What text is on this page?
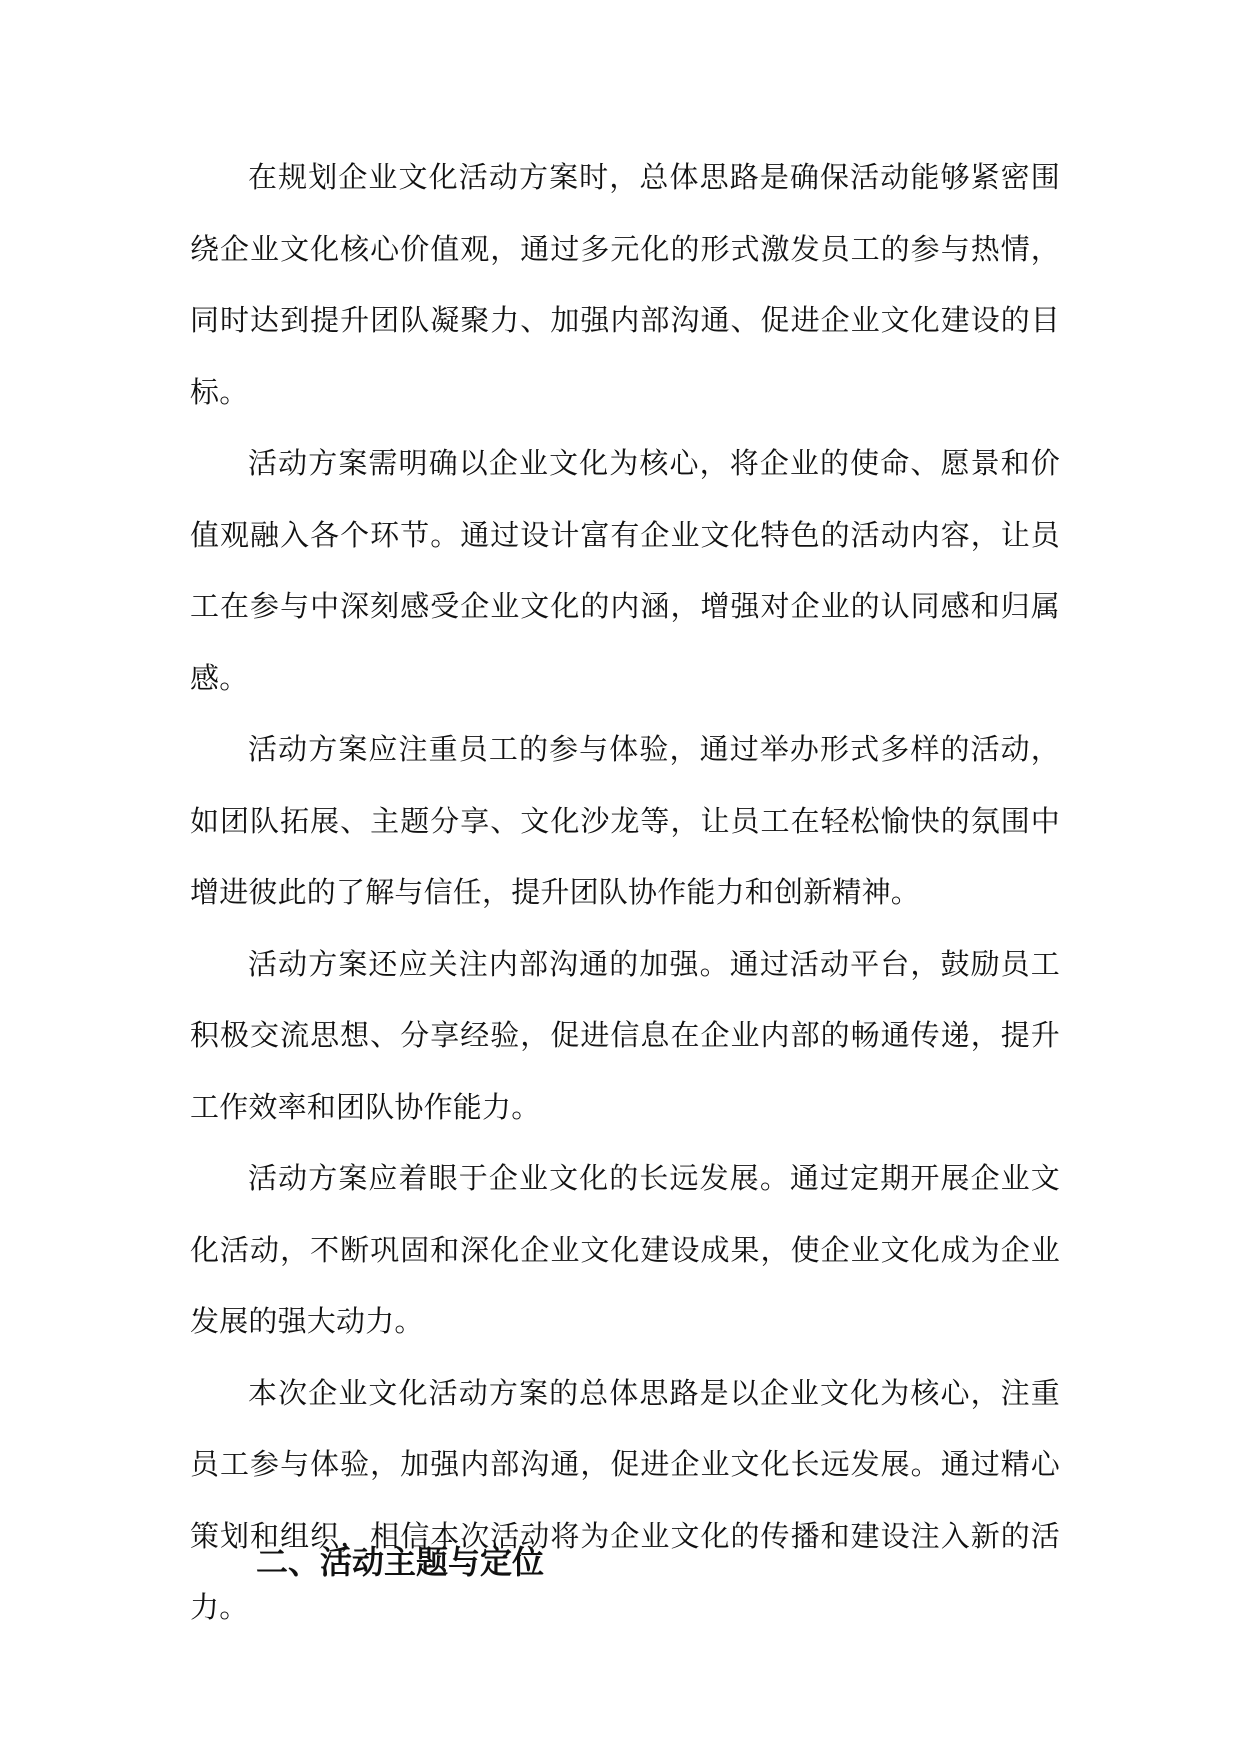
在规划企业文化活动方案时，总体思路是确保活动能够紧密围绕企业文化核心价值观，通过多元化的形式激发员工的参与热情，同时达到提升团队凝聚力、加强内部沟通、促进企业文化建设的目标。

活动方案需明确以企业文化为核心，将企业的使命、愿景和价值观融入各个环节。通过设计富有企业文化特色的活动内容，让员工在参与中深刻感受企业文化的内涵，增强对企业的认同感和归属感。

活动方案应注重员工的参与体验，通过举办形式多样的活动，如团队拓展、主题分享、文化沙龙等，让员工在轻松愉快的氛围中增进彼此的了解与信任，提升团队协作能力和创新精神。

活动方案还应关注内部沟通的加强。通过活动平台，鼓励员工积极交流思想、分享经验，促进信息在企业内部的畅通传递，提升工作效率和团队协作能力。

活动方案应着眼于企业文化的长远发展。通过定期开展企业文化活动，不断巩固和深化企业文化建设成果，使企业文化成为企业发展的强大动力。

本次企业文化活动方案的总体思路是以企业文化为核心，注重员工参与体验，加强内部沟通，促进企业文化长远发展。通过精心策划和组织，相信本次活动将为企业文化的传播和建设注入新的活力。

二、活动主题与定位
